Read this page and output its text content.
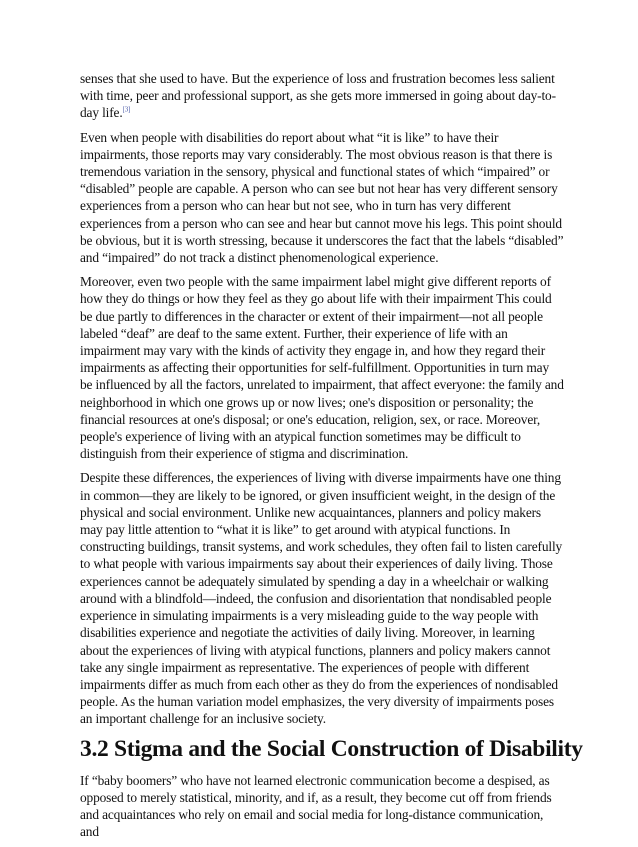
senses that she used to have. But the experience of loss and frustration becomes less salient with time, peer and professional support, as she gets more immersed in going about day-to-day life.[3]

Even when people with disabilities do report about what “it is like” to have their impairments, those reports may vary considerably. The most obvious reason is that there is tremendous variation in the sensory, physical and functional states of which “impaired” or “disabled” people are capable. A person who can see but not hear has very different sensory experiences from a person who can hear but not see, who in turn has very different experiences from a person who can see and hear but cannot move his legs. This point should be obvious, but it is worth stressing, because it underscores the fact that the labels “disabled” and “impaired” do not track a distinct phenomenological experience.

Moreover, even two people with the same impairment label might give different reports of how they do things or how they feel as they go about life with their impairment This could be due partly to differences in the character or extent of their impairment—not all people labeled “deaf” are deaf to the same extent. Further, their experience of life with an impairment may vary with the kinds of activity they engage in, and how they regard their impairments as affecting their opportunities for self-fulfillment. Opportunities in turn may be influenced by all the factors, unrelated to impairment, that affect everyone: the family and neighborhood in which one grows up or now lives; one's disposition or personality; the financial resources at one's disposal; or one's education, religion, sex, or race. Moreover, people's experience of living with an atypical function sometimes may be difficult to distinguish from their experience of stigma and discrimination.

Despite these differences, the experiences of living with diverse impairments have one thing in common—they are likely to be ignored, or given insufficient weight, in the design of the physical and social environment. Unlike new acquaintances, planners and policy makers may pay little attention to “what it is like” to get around with atypical functions. In constructing buildings, transit systems, and work schedules, they often fail to listen carefully to what people with various impairments say about their experiences of daily living. Those experiences cannot be adequately simulated by spending a day in a wheelchair or walking around with a blindfold—indeed, the confusion and disorientation that nondisabled people experience in simulating impairments is a very misleading guide to the way people with disabilities experience and negotiate the activities of daily living. Moreover, in learning about the experiences of living with atypical functions, planners and policy makers cannot take any single impairment as representative. The experiences of people with different impairments differ as much from each other as they do from the experiences of nondisabled people. As the human variation model emphasizes, the very diversity of impairments poses an important challenge for an inclusive society.

3.2 Stigma and the Social Construction of Disability

If “baby boomers” who have not learned electronic communication become a despised, as opposed to merely statistical, minority, and if, as a result, they become cut off from friends and acquaintances who rely on email and social media for long-distance communication, and
